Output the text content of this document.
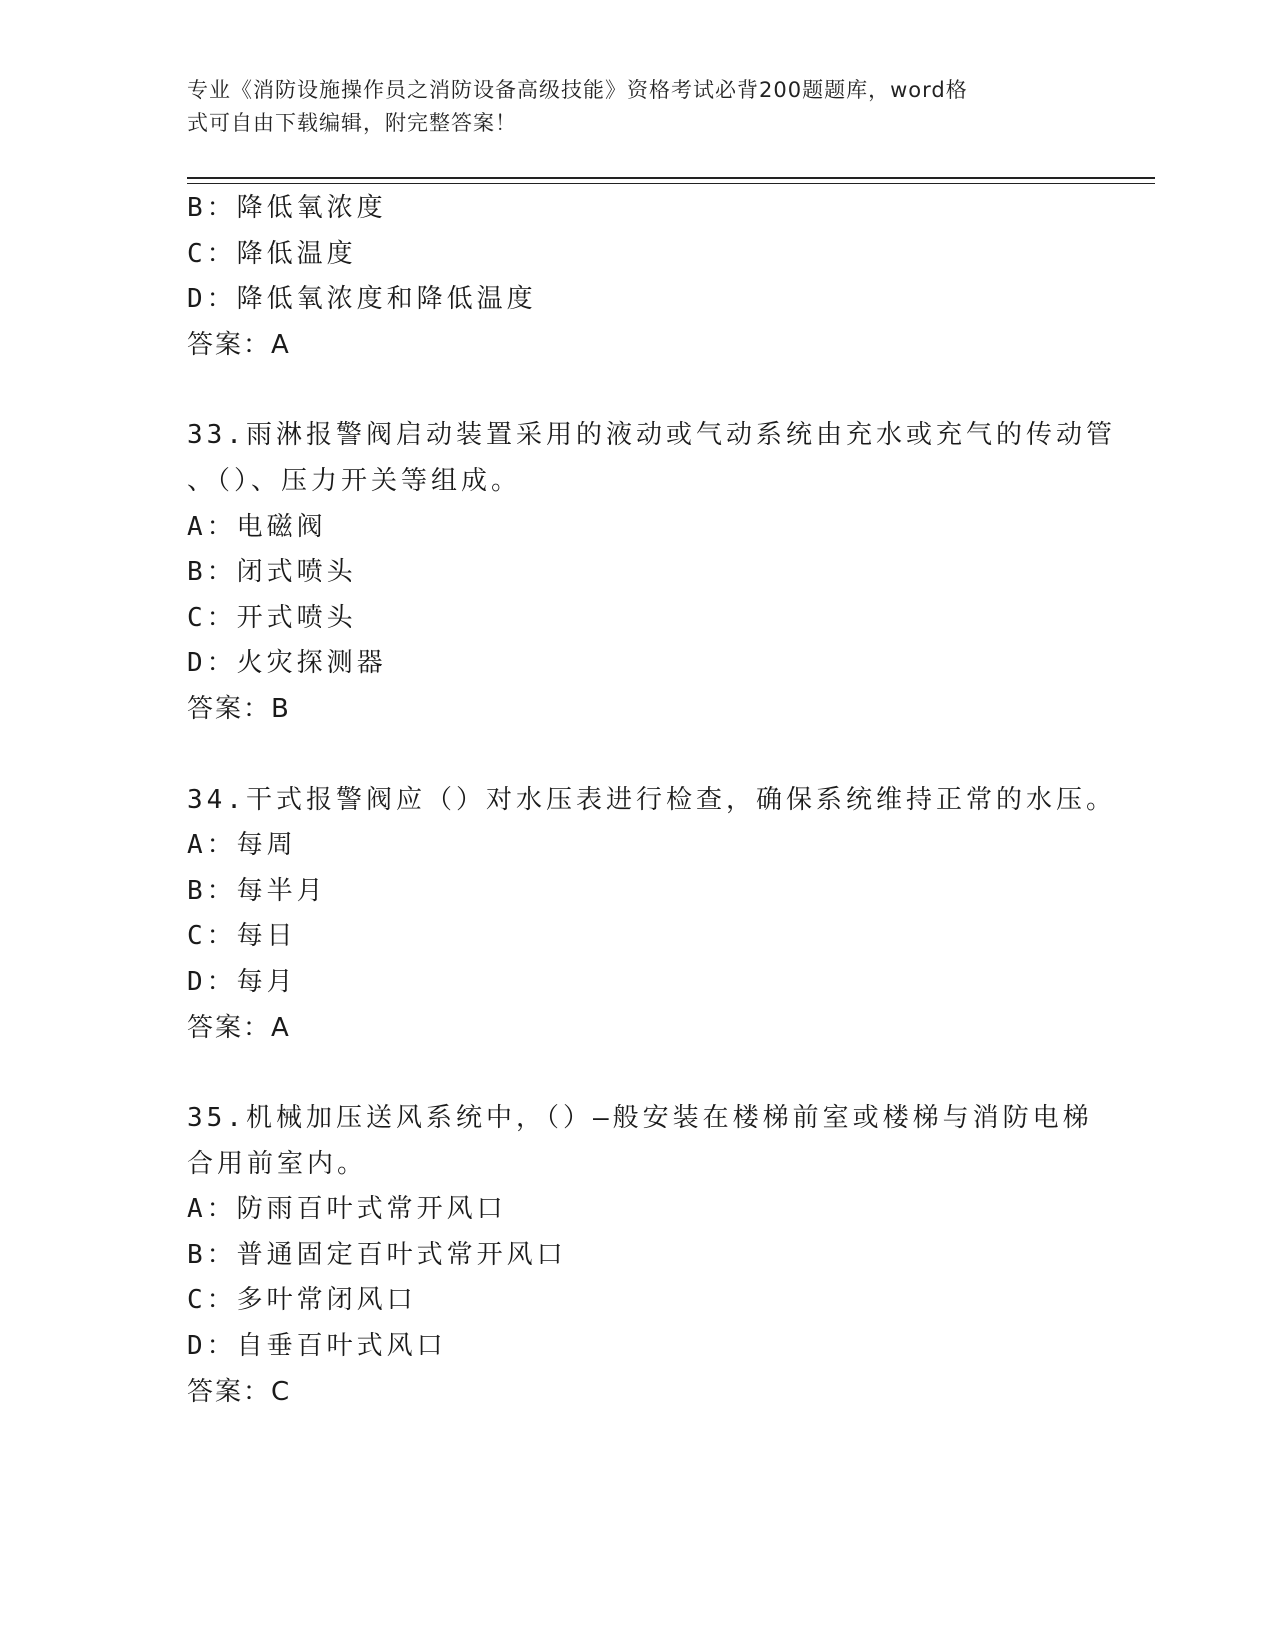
专业《消防设施操作员之消防设备高级技能》资格考试必背200题题库，word格
式可自由下载编辑，附完整答案！
B：降低氧浓度
C：降低温度
D：降低氧浓度和降低温度
答案：A
33.雨淋报警阀启动装置采用的液动或气动系统由充水或充气的传动管
、（）、压力开关等组成。
A：电磁阀
B：闭式喷头
C：开式喷头
D：火灾探测器
答案：B
34.干式报警阀应（）对水压表进行检查，确保系统维持正常的水压。
A：每周
B：每半月
C：每日
D：每月
答案：A
35.机械加压送风系统中，（）—般安装在楼梯前室或楼梯与消防电梯
合用前室内。
A：防雨百叶式常开风口
B：普通固定百叶式常开风口
C：多叶常闭风口
D：自垂百叶式风口
答案：C
